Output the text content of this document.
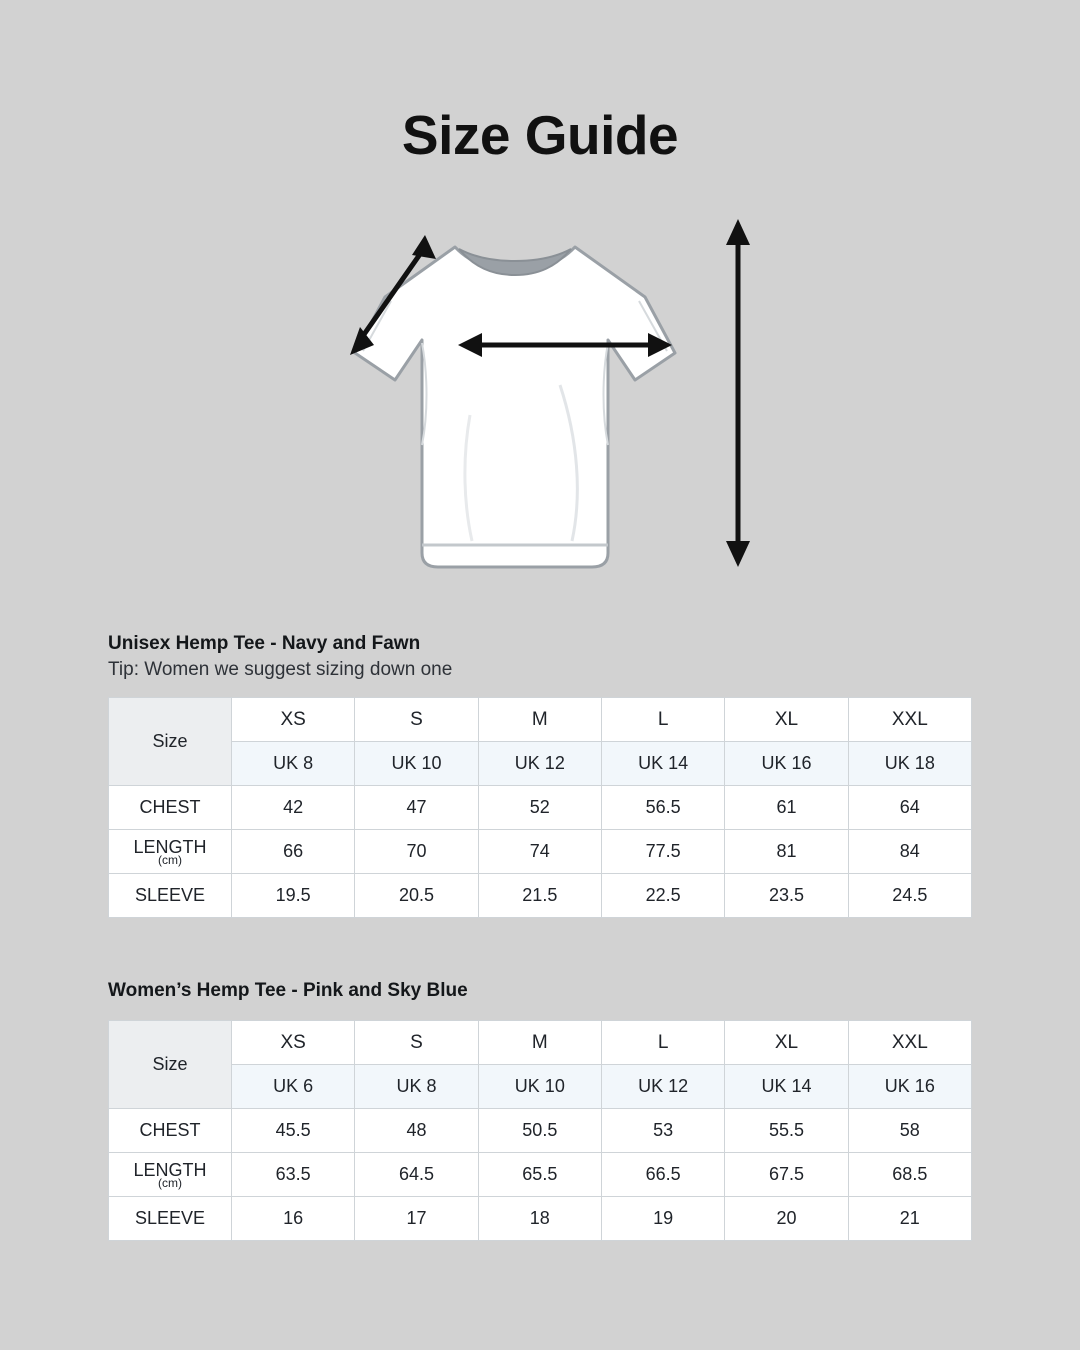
Size Guide
Unisex Hemp Tee - Navy and Fawn
Tip: Women we suggest sizing down one
Size	XS	S	M	L	XL	XXL
	UK 8	UK 10	UK 12	UK 14	UK 16	UK 18
CHEST	42	47	52	56.5	61	64

LENGTH
(cm)	66	70	74	77.5	81	84
SLEEVE	19.5	20.5	21.5	22.5	23.5	24.5
Women’s Hemp Tee - Pink and Sky Blue
Size	XS	S	M	L	XL	XXL
	UK 6	UK 8	UK 10	UK 12	UK 14	UK 16
CHEST	45.5	48	50.5	53	55.5	58

LENGTH
(cm)	63.5	64.5	65.5	66.5	67.5	68.5
SLEEVE	16	17	18	19	20	21
